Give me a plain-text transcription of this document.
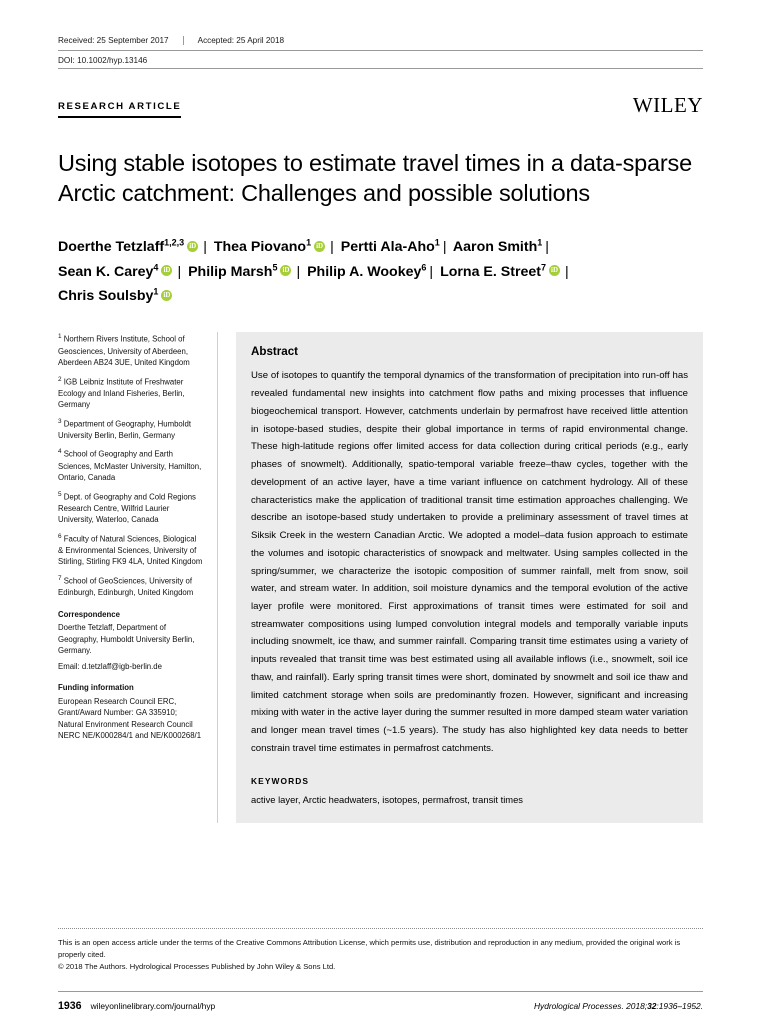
Received: 25 September 2017	Accepted: 25 April 2018
DOI: 10.1002/hyp.13146
RESEARCH ARTICLE	WILEY
Using stable isotopes to estimate travel times in a data-sparse Arctic catchment: Challenges and possible solutions
Doerthe Tetzlaff$^{1,2,3}$ iD | Thea Piovano$^1$ iD | Pertti Ala-Aho$^1$ | Aaron Smith$^1$ |
Sean K. Carey$^4$ iD | Philip Marsh$^5$ iD | Philip A. Wookey$^6$ | Lorna E. Street$^7$ iD |
Chris Soulsby$^1$iD
$^1$ Northern Rivers Institute, School of Geosciences, University of Aberdeen, Aberdeen AB24 3UE, United Kingdom
$^2$ IGB Leibniz Institute of Freshwater Ecology and Inland Fisheries, Berlin, Germany
$^3$ Department of Geography, Humboldt University Berlin, Berlin, Germany
$^4$ School of Geography and Earth Sciences, McMaster University, Hamilton, Ontario, Canada
$^5$ Dept. of Geography and Cold Regions Research Centre, Wilfrid Laurier University, Waterloo, Canada
$^6$ Faculty of Natural Sciences, Biological & Environmental Sciences, University of Stirling, Stirling FK9 4LA, United Kingdom
$^7$ School of GeoSciences, University of Edinburgh, Edinburgh, United Kingdom
Correspondence

Doerthe Tetzlaff, Department of Geography, Humboldt University Berlin, Germany.

Email: d.tetzlaff@igb-berlin.de

Funding information

European Research Council ERC, Grant/Award Number: GA 335910; Natural Environment Research Council NERC NE/K000284/1 and NE/K000268/1

Abstract

Use of isotopes to quantify the temporal dynamics of the transformation of precipitation into run-off has revealed fundamental new insights into catchment flow paths and mixing processes that influence biogeochemical transport. However, catchments underlain by permafrost have received little attention in isotope-based studies, despite their global importance in terms of rapid environmental change. These high-latitude regions offer limited access for data collection during critical periods (e.g., early phases of snowmelt). Additionally, spatio-temporal variable freeze–thaw cycles, together with the development of an active layer, have a time variant influence on catchment hydrology. All of these characteristics make the application of traditional transit time estimation approaches challenging. We describe an isotope-based study undertaken to provide a preliminary assessment of travel times at Siksik Creek in the western Canadian Arctic. We adopted a model–data fusion approach to estimate the volumes and isotopic characteristics of snowpack and meltwater. Using samples collected in the spring/summer, we characterize the isotopic composition of summer rainfall, melt from snow, soil water, and stream water. In addition, soil moisture dynamics and the temporal evolution of the active layer profile were monitored. First approximations of transit times were estimated for soil and streamwater compositions using lumped convolution integral models and temporally variable inputs including snowmelt, ice thaw, and summer rainfall. Comparing transit time estimates using a variety of inputs revealed that transit time was best estimated using all available inflows (i.e., snowmelt, soil ice thaw, and rainfall). Early spring transit times were short, dominated by snowmelt and soil ice thaw and limited catchment storage when soils are predominantly frozen. However, significant and increasing mixing with water in the active layer during the summer resulted in more damped steam water variation and longer mean travel times (~1.5 years). The study has also highlighted key data needs to better constrain travel time estimates in permafrost catchments.

KEYWORDS
active layer, Arctic headwaters, isotopes, permafrost, transit times
This is an open access article under the terms of the Creative Commons Attribution License, which permits use, distribution and reproduction in any medium, provided the original work is properly cited.
© 2018 The Authors. Hydrological Processes Published by John Wiley & Sons Ltd.
1936 wileyonlinelibrary.com/journal/hyp	Hydrological Processes. 2018;32:1936–1952.
